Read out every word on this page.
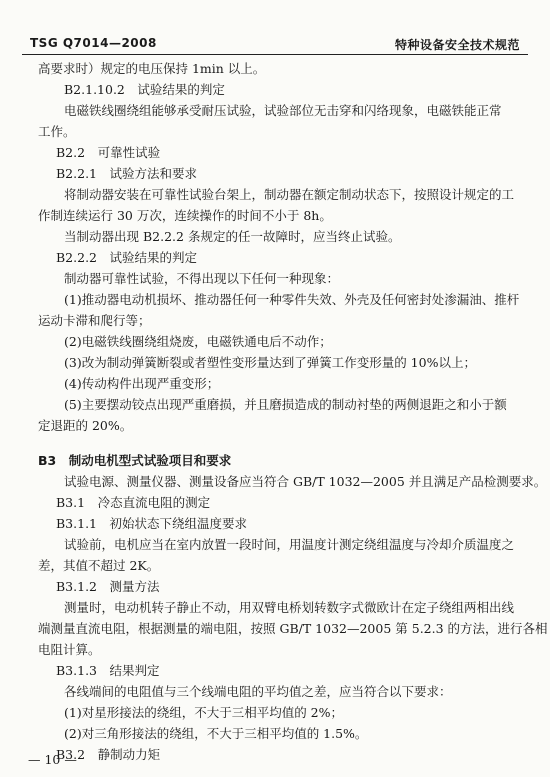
TSG Q7014—2008	特种设备安全技术规范

高要求时）规定的电压保持 1min 以上。

B2.1.10.2　试验结果的判定

电磁铁线圈绕组能够承受耐压试验，试验部位无击穿和闪络现象，电磁铁能正常

工作。

B2.2　可靠性试验

B2.2.1　试验方法和要求

将制动器安装在可靠性试验台架上，制动器在额定制动状态下，按照设计规定的工

作制连续运行 30 万次，连续操作的时间不小于 8h。

当制动器出现 B2.2.2 条规定的任一故障时，应当终止试验。

B2.2.2　试验结果的判定

制动器可靠性试验，不得出现以下任何一种现象：

(1)推动器电动机损坏、推动器任何一种零件失效、外壳及任何密封处渗漏油、推杆

运动卡滞和爬行等；

(2)电磁铁线圈绕组烧废，电磁铁通电后不动作；

(3)改为制动弹簧断裂或者塑性变形量达到了弹簧工作变形量的 10%以上；

(4)传动构件出现严重变形；

(5)主要摆动铰点出现严重磨损，并且磨损造成的制动衬垫的两侧退距之和小于额

定退距的 20%。

B3　制动电机型式试验项目和要求

试验电源、测量仪器、测量设备应当符合 GB/T 1032—2005 并且满足产品检测要求。

B3.1　冷态直流电阻的测定

B3.1.1　初始状态下绕组温度要求

试验前，电机应当在室内放置一段时间，用温度计测定绕组温度与冷却介质温度之

差，其值不超过 2K。

B3.1.2　测量方法

测量时，电动机转子静止不动，用双臂电桥划转数字式微欧计在定子绕组两相出线

端测量直流电阻，根据测量的端电阻，按照 GB/T 1032—2005 第 5.2.3 的方法，进行各相

电阻计算。

B3.1.3　结果判定

各线端间的电阻值与三个线端电阻的平均值之差，应当符合以下要求：

(1)对星形接法的绕组，不大于三相平均值的 2%；

(2)对三角形接法的绕组，不大于三相平均值的 1.5%。

B3.2　静制动力矩

— 10 —
